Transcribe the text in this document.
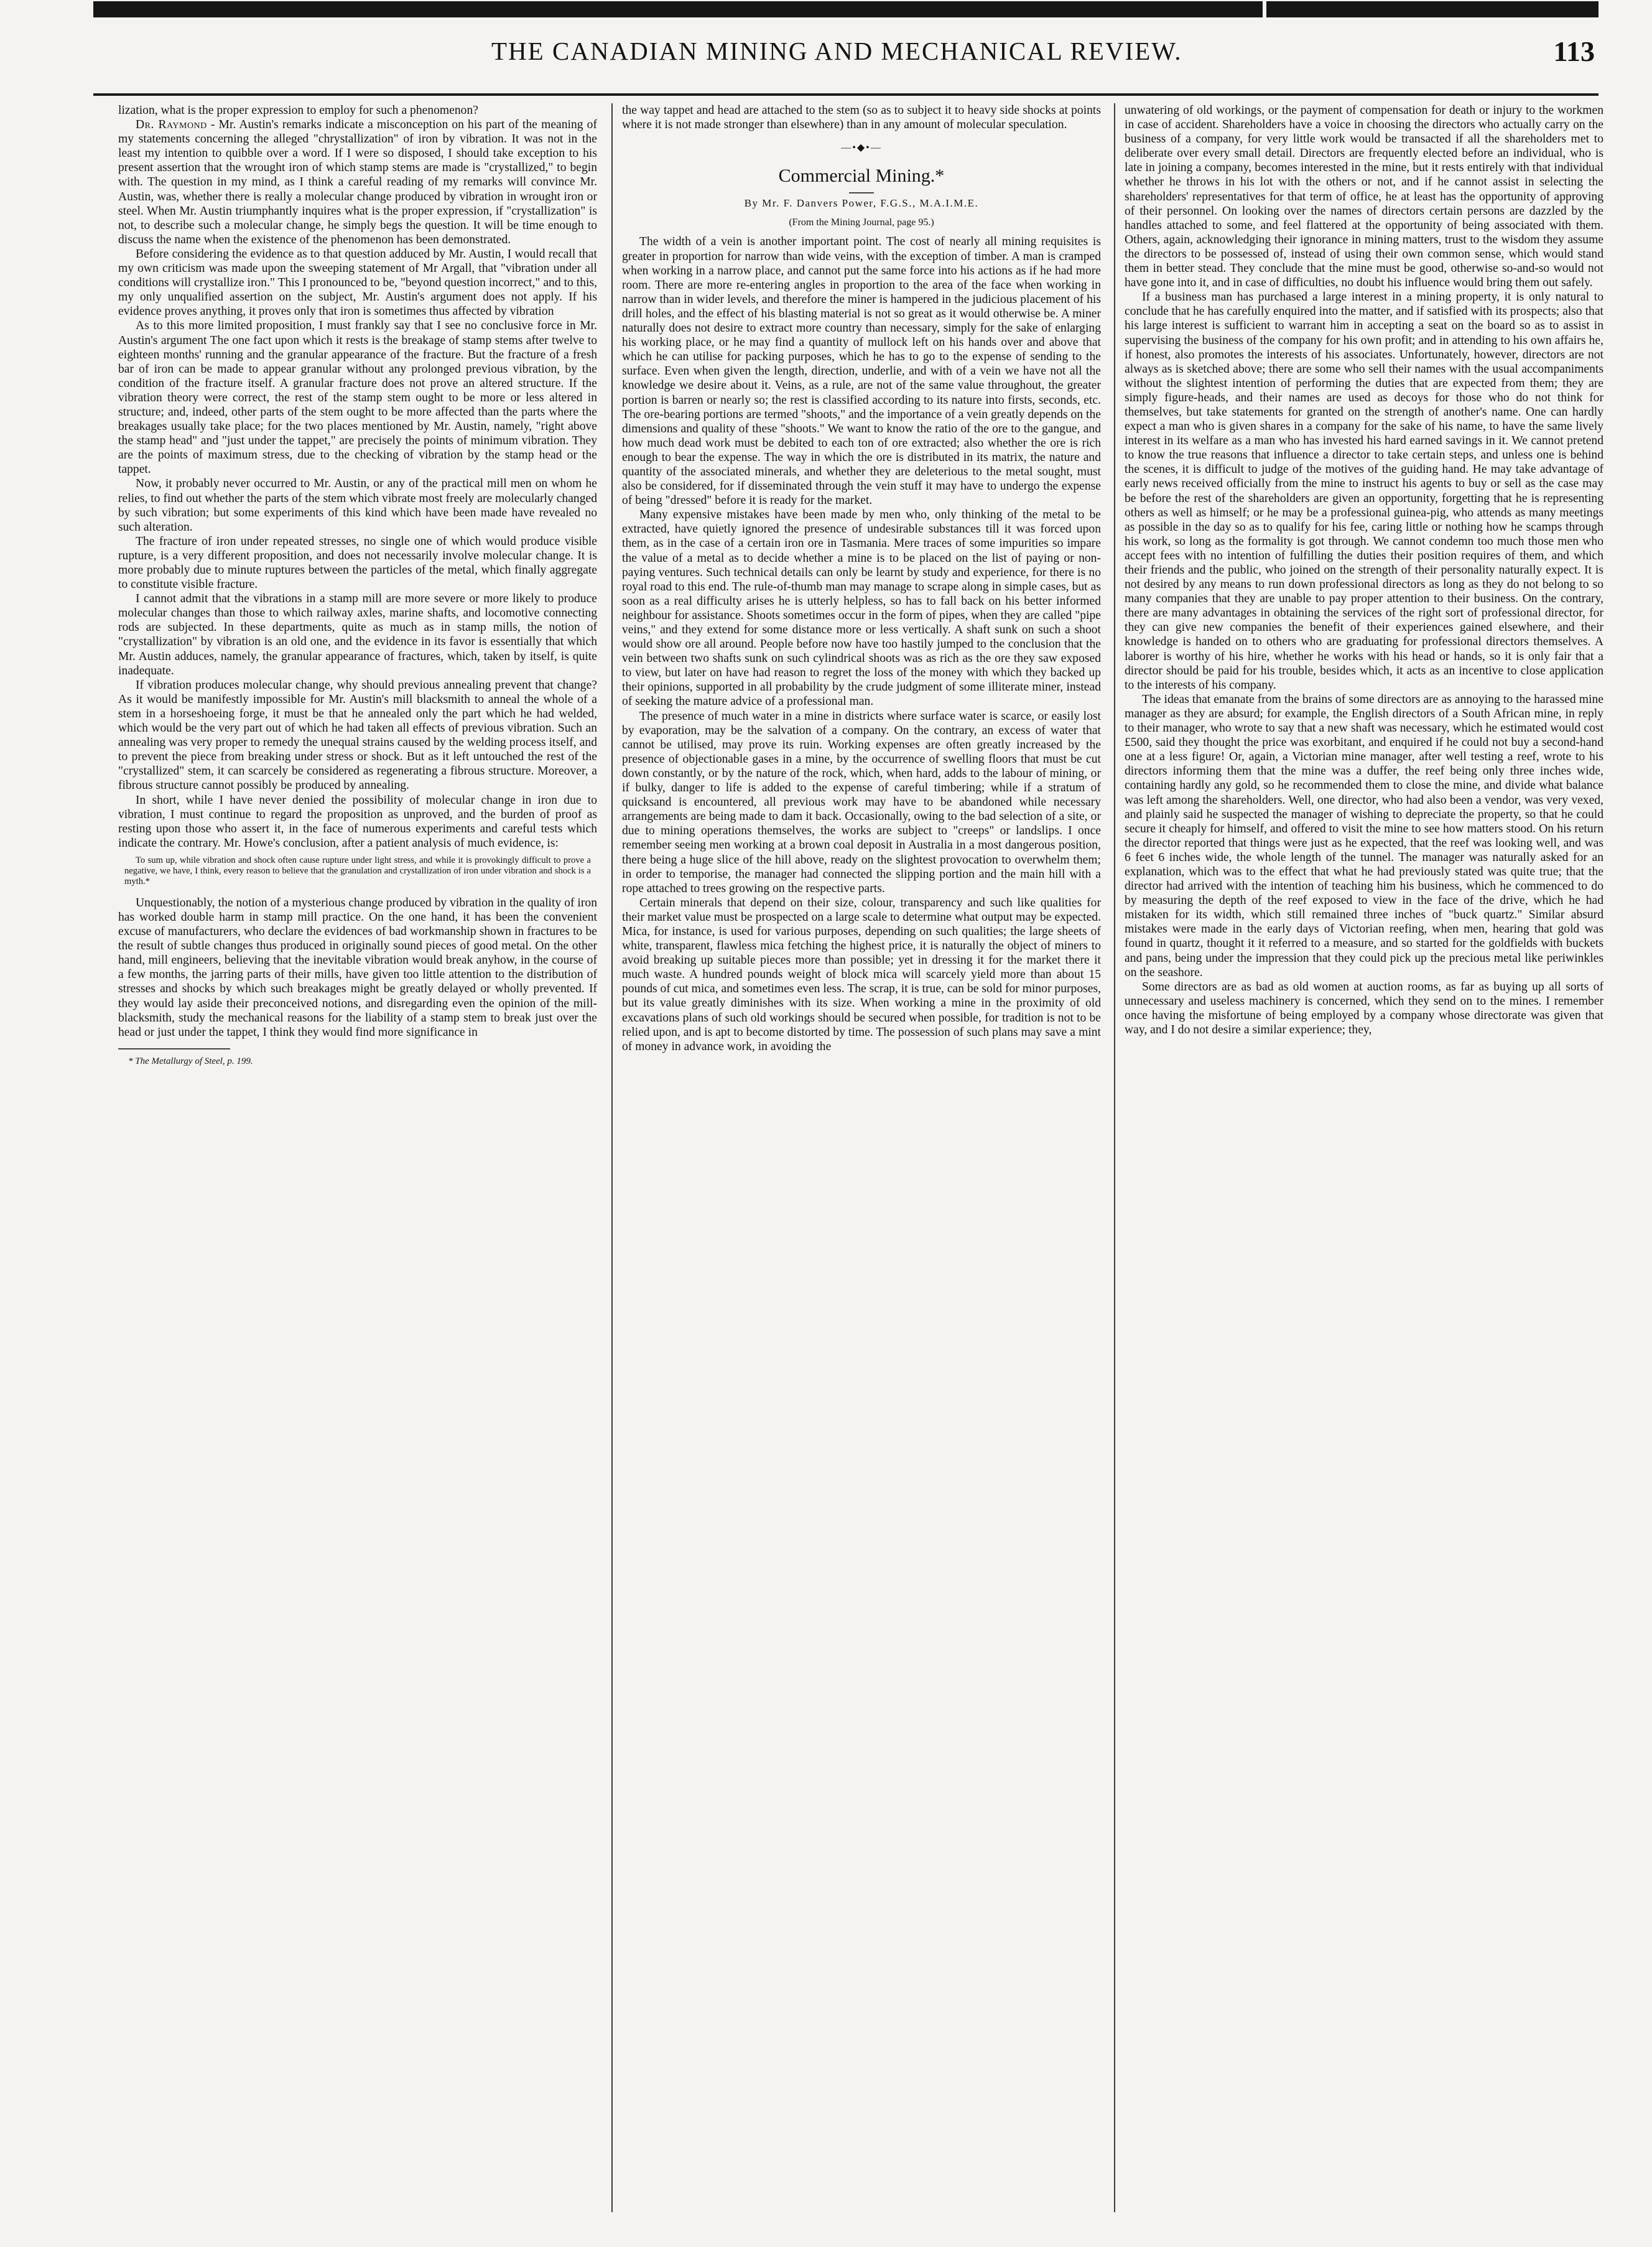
THE CANADIAN MINING AND MECHANICAL REVIEW.	113

lization, what is the proper expression to employ for such a phenomenon?

Dr. Raymond - Mr. Austin's remarks indicate a misconception on his part of the meaning of my statements concerning the alleged "chrystallization" of iron by vibration. It was not in the least my intention to quibble over a word. If I were so disposed, I should take exception to his present assertion that the wrought iron of which stamp stems are made is "crystallized," to begin with. The question in my mind, as I think a careful reading of my remarks will convince Mr. Austin, was, whether there is really a molecular change produced by vibration in wrought iron or steel. When Mr. Austin triumphantly inquires what is the proper expression, if "crystallization" is not, to describe such a molecular change, he simply begs the question. It will be time enough to discuss the name when the existence of the phenomenon has been demonstrated.

Before considering the evidence as to that question adduced by Mr. Austin, I would recall that my own criticism was made upon the sweeping statement of Mr Argall, that "vibration under all conditions will crystallize iron." This I pronounced to be, "beyond question incorrect," and to this, my only unqualified assertion on the subject, Mr. Austin's argument does not apply. If his evidence proves anything, it proves only that iron is sometimes thus affected by vibration

As to this more limited proposition, I must frankly say that I see no conclusive force in Mr. Austin's argument The one fact upon which it rests is the breakage of stamp stems after twelve to eighteen months' running and the granular appearance of the fracture. But the fracture of a fresh bar of iron can be made to appear granular without any prolonged previous vibration, by the condition of the fracture itself. A granular fracture does not prove an altered structure. If the vibration theory were correct, the rest of the stamp stem ought to be more or less altered in structure; and, indeed, other parts of the stem ought to be more affected than the parts where the breakages usually take place; for the two places mentioned by Mr. Austin, namely, "right above the stamp head" and "just under the tappet," are precisely the points of minimum vibration. They are the points of maximum stress, due to the checking of vibration by the stamp head or the tappet.

Now, it probably never occurred to Mr. Austin, or any of the practical mill men on whom he relies, to find out whether the parts of the stem which vibrate most freely are molecularly changed by such vibration; but some experiments of this kind which have been made have revealed no such alteration.

The fracture of iron under repeated stresses, no single one of which would produce visible rupture, is a very different proposition, and does not necessarily involve molecular change. It is more probably due to minute ruptures between the particles of the metal, which finally aggregate to constitute visible fracture.

I cannot admit that the vibrations in a stamp mill are more severe or more likely to produce molecular changes than those to which railway axles, marine shafts, and locomotive connecting rods are subjected. In these departments, quite as much as in stamp mills, the notion of "crystallization" by vibration is an old one, and the evidence in its favor is essentially that which Mr. Austin adduces, namely, the granular appearance of fractures, which, taken by itself, is quite inadequate.

If vibration produces molecular change, why should previous annealing prevent that change? As it would be manifestly impossible for Mr. Austin's mill blacksmith to anneal the whole of a stem in a horseshoeing forge, it must be that he annealed only the part which he had welded, which would be the very part out of which he had taken all effects of previous vibration. Such an annealing was very proper to remedy the unequal strains caused by the welding process itself, and to prevent the piece from breaking under stress or shock. But as it left untouched the rest of the "crystallized" stem, it can scarcely be considered as regenerating a fibrous structure. Moreover, a fibrous structure cannot possibly be produced by annealing.

In short, while I have never denied the possibility of molecular change in iron due to vibration, I must continue to regard the proposition as unproved, and the burden of proof as resting upon those who assert it, in the face of numerous experiments and careful tests which indicate the contrary. Mr. Howe's conclusion, after a patient analysis of much evidence, is:

To sum up, while vibration and shock often cause rupture under light stress, and while it is provokingly difficult to prove a negative, we have, I think, every reason to believe that the granulation and crystallization of iron under vibration and shock is a myth.*

Unquestionably, the notion of a mysterious change produced by vibration in the quality of iron has worked double harm in stamp mill practice. On the one hand, it has been the convenient excuse of manufacturers, who declare the evidences of bad workmanship shown in fractures to be the result of subtle changes thus produced in originally sound pieces of good metal. On the other hand, mill engineers, believing that the inevitable vibration would break anyhow, in the course of a few months, the jarring parts of their mills, have given too little attention to the distribution of stresses and shocks by which such breakages might be greatly delayed or wholly prevented. If they would lay aside their preconceived notions, and disregarding even the opinion of the mill-blacksmith, study the mechanical reasons for the liability of a stamp stem to break just over the head or just under the tappet, I think they would find more significance in

* The Metallurgy of Steel, p. 199.

the way tappet and head are attached to the stem (so as to subject it to heavy side shocks at points where it is not made stronger than elsewhere) than in any amount of molecular speculation.

—•◆•—

Commercial Mining.*

By Mr. F. Danvers Power, F.G.S., M.A.I.M.E.

(From the Mining Journal, page 95.)

The width of a vein is another important point. The cost of nearly all mining requisites is greater in proportion for narrow than wide veins, with the exception of timber. A man is cramped when working in a narrow place, and cannot put the same force into his actions as if he had more room. There are more re-entering angles in proportion to the area of the face when working in narrow than in wider levels, and therefore the miner is hampered in the judicious placement of his drill holes, and the effect of his blasting material is not so great as it would otherwise be. A miner naturally does not desire to extract more country than necessary, simply for the sake of enlarging his working place, or he may find a quantity of mullock left on his hands over and above that which he can utilise for packing purposes, which he has to go to the expense of sending to the surface. Even when given the length, direction, underlie, and with of a vein we have not all the knowledge we desire about it. Veins, as a rule, are not of the same value throughout, the greater portion is barren or nearly so; the rest is classified according to its nature into firsts, seconds, etc. The ore-bearing portions are termed "shoots," and the importance of a vein greatly depends on the dimensions and quality of these "shoots." We want to know the ratio of the ore to the gangue, and how much dead work must be debited to each ton of ore extracted; also whether the ore is rich enough to bear the expense. The way in which the ore is distributed in its matrix, the nature and quantity of the associated minerals, and whether they are deleterious to the metal sought, must also be considered, for if disseminated through the vein stuff it may have to undergo the expense of being "dressed" before it is ready for the market.

Many expensive mistakes have been made by men who, only thinking of the metal to be extracted, have quietly ignored the presence of undesirable substances till it was forced upon them, as in the case of a certain iron ore in Tasmania. Mere traces of some impurities so impare the value of a metal as to decide whether a mine is to be placed on the list of paying or non-paying ventures. Such technical details can only be learnt by study and experience, for there is no royal road to this end. The rule-of-thumb man may manage to scrape along in simple cases, but as soon as a real difficulty arises he is utterly helpless, so has to fall back on his better informed neighbour for assistance. Shoots sometimes occur in the form of pipes, when they are called "pipe veins," and they extend for some distance more or less vertically. A shaft sunk on such a shoot would show ore all around. People before now have too hastily jumped to the conclusion that the vein between two shafts sunk on such cylindrical shoots was as rich as the ore they saw exposed to view, but later on have had reason to regret the loss of the money with which they backed up their opinions, supported in all probability by the crude judgment of some illiterate miner, instead of seeking the mature advice of a professional man.

The presence of much water in a mine in districts where surface water is scarce, or easily lost by evaporation, may be the salvation of a company. On the contrary, an excess of water that cannot be utilised, may prove its ruin. Working expenses are often greatly increased by the presence of objectionable gases in a mine, by the occurrence of swelling floors that must be cut down constantly, or by the nature of the rock, which, when hard, adds to the labour of mining, or if bulky, danger to life is added to the expense of careful timbering; while if a stratum of quicksand is encountered, all previous work may have to be abandoned while necessary arrangements are being made to dam it back. Occasionally, owing to the bad selection of a site, or due to mining operations themselves, the works are subject to "creeps" or landslips. I once remember seeing men working at a brown coal deposit in Australia in a most dangerous position, there being a huge slice of the hill above, ready on the slightest provocation to overwhelm them; in order to temporise, the manager had connected the slipping portion and the main hill with a rope attached to trees growing on the respective parts.

Certain minerals that depend on their size, colour, transparency and such like qualities for their market value must be prospected on a large scale to determine what output may be expected. Mica, for instance, is used for various purposes, depending on such qualities; the large sheets of white, transparent, flawless mica fetching the highest price, it is naturally the object of miners to avoid breaking up suitable pieces more than possible; yet in dressing it for the market there it much waste. A hundred pounds weight of block mica will scarcely yield more than about 15 pounds of cut mica, and sometimes even less. The scrap, it is true, can be sold for minor purposes, but its value greatly diminishes with its size. When working a mine in the proximity of old excavations plans of such old workings should be secured when possible, for tradition is not to be relied upon, and is apt to become distorted by time. The possession of such plans may save a mint of money in advance work, in avoiding the

unwatering of old workings, or the payment of compensation for death or injury to the workmen in case of accident. Shareholders have a voice in choosing the directors who actually carry on the business of a company, for very little work would be transacted if all the shareholders met to deliberate over every small detail. Directors are frequently elected before an individual, who is late in joining a company, becomes interested in the mine, but it rests entirely with that individual whether he throws in his lot with the others or not, and if he cannot assist in selecting the shareholders' representatives for that term of office, he at least has the opportunity of approving of their personnel. On looking over the names of directors certain persons are dazzled by the handles attached to some, and feel flattered at the opportunity of being associated with them. Others, again, acknowledging their ignorance in mining matters, trust to the wisdom they assume the directors to be possessed of, instead of using their own common sense, which would stand them in better stead. They conclude that the mine must be good, otherwise so-and-so would not have gone into it, and in case of difficulties, no doubt his influence would bring them out safely.

If a business man has purchased a large interest in a mining property, it is only natural to conclude that he has carefully enquired into the matter, and if satisfied with its prospects; also that his large interest is sufficient to warrant him in accepting a seat on the board so as to assist in supervising the business of the company for his own profit; and in attending to his own affairs he, if honest, also promotes the interests of his associates. Unfortunately, however, directors are not always as is sketched above; there are some who sell their names with the usual accompaniments without the slightest intention of performing the duties that are expected from them; they are simply figure-heads, and their names are used as decoys for those who do not think for themselves, but take statements for granted on the strength of another's name. One can hardly expect a man who is given shares in a company for the sake of his name, to have the same lively interest in its welfare as a man who has invested his hard earned savings in it. We cannot pretend to know the true reasons that influence a director to take certain steps, and unless one is behind the scenes, it is difficult to judge of the motives of the guiding hand. He may take advantage of early news received officially from the mine to instruct his agents to buy or sell as the case may be before the rest of the shareholders are given an opportunity, forgetting that he is representing others as well as himself; or he may be a professional guinea-pig, who attends as many meetings as possible in the day so as to qualify for his fee, caring little or nothing how he scamps through his work, so long as the formality is got through. We cannot condemn too much those men who accept fees with no intention of fulfilling the duties their position requires of them, and which their friends and the public, who joined on the strength of their personality naturally expect. It is not desired by any means to run down professional directors as long as they do not belong to so many companies that they are unable to pay proper attention to their business. On the contrary, there are many advantages in obtaining the services of the right sort of professional director, for they can give new companies the benefit of their experiences gained elsewhere, and their knowledge is handed on to others who are graduating for professional directors themselves. A laborer is worthy of his hire, whether he works with his head or hands, so it is only fair that a director should be paid for his trouble, besides which, it acts as an incentive to close application to the interests of his company.

The ideas that emanate from the brains of some directors are as annoying to the harassed mine manager as they are absurd; for example, the English directors of a South African mine, in reply to their manager, who wrote to say that a new shaft was necessary, which he estimated would cost £500, said they thought the price was exorbitant, and enquired if he could not buy a second-hand one at a less figure! Or, again, a Victorian mine manager, after well testing a reef, wrote to his directors informing them that the mine was a duffer, the reef being only three inches wide, containing hardly any gold, so he recommended them to close the mine, and divide what balance was left among the shareholders. Well, one director, who had also been a vendor, was very vexed, and plainly said he suspected the manager of wishing to depreciate the property, so that he could secure it cheaply for himself, and offered to visit the mine to see how matters stood. On his return the director reported that things were just as he expected, that the reef was looking well, and was 6 feet 6 inches wide, the whole length of the tunnel. The manager was naturally asked for an explanation, which was to the effect that what he had previously stated was quite true; that the director had arrived with the intention of teaching him his business, which he commenced to do by measuring the depth of the reef exposed to view in the face of the drive, which he had mistaken for its width, which still remained three inches of "buck quartz." Similar absurd mistakes were made in the early days of Victorian reefing, when men, hearing that gold was found in quartz, thought it it referred to a measure, and so started for the goldfields with buckets and pans, being under the impression that they could pick up the precious metal like periwinkles on the seashore.

Some directors are as bad as old women at auction rooms, as far as buying up all sorts of unnecessary and useless machinery is concerned, which they send on to the mines. I remember once having the misfortune of being employed by a company whose directorate was given that way, and I do not desire a similar experience; they,
